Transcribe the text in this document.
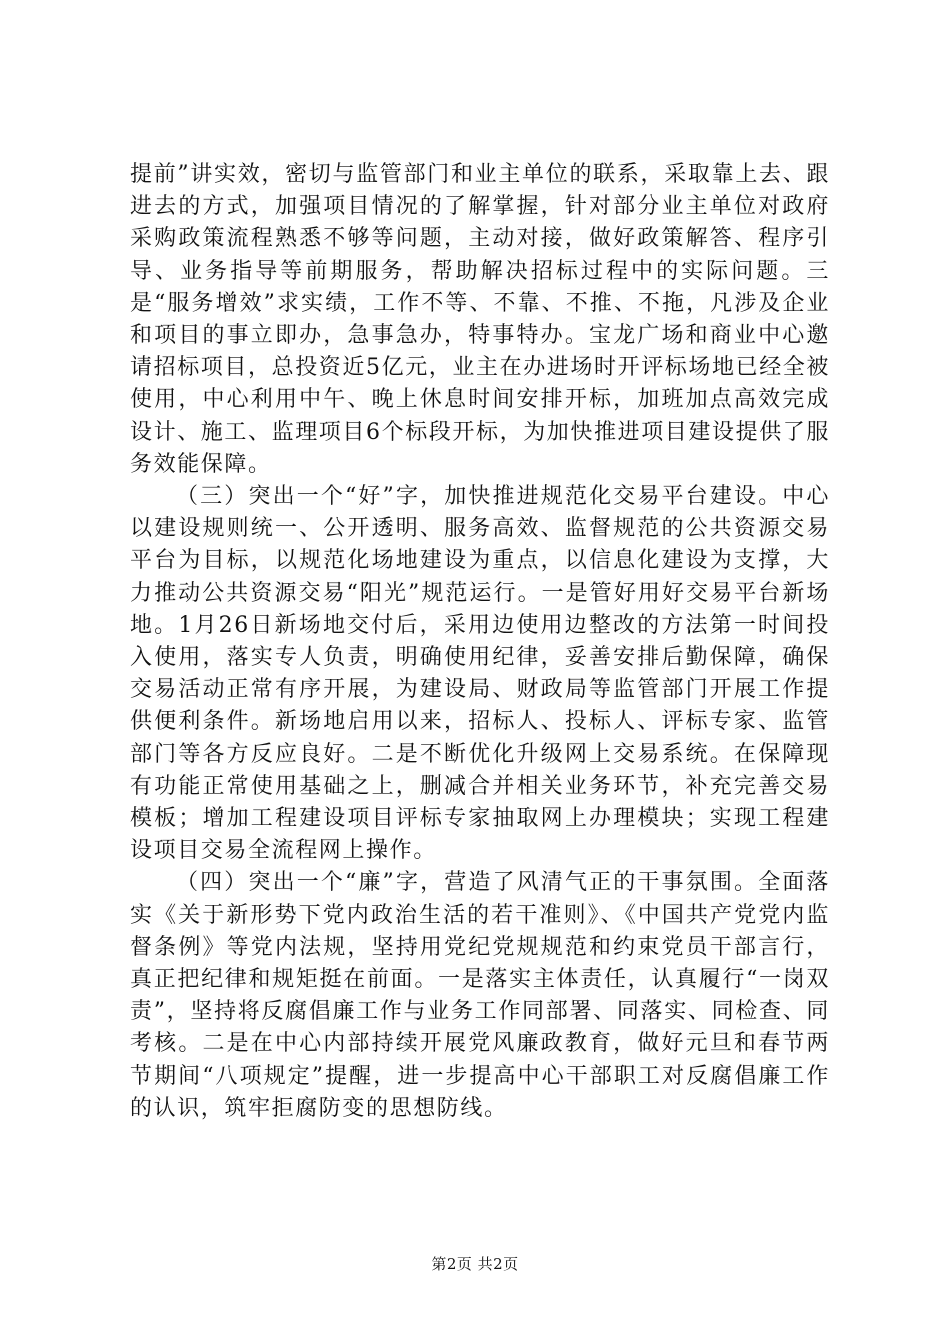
提前”讲实效，密切与监管部门和业主单位的联系，采取靠上去、跟进去的方式，加强项目情况的了解掌握，针对部分业主单位对政府采购政策流程熟悉不够等问题，主动对接，做好政策解答、程序引导、业务指导等前期服务，帮助解决招标过程中的实际问题。三是“服务增效”求实绩，工作不等、不靠、不推、不拖，凡涉及企业和项目的事立即办，急事急办，特事特办。宝龙广场和商业中心邀请招标项目，总投资近5亿元，业主在办进场时开评标场地已经全被使用，中心利用中午、晚上休息时间安排开标，加班加点高效完成设计、施工、监理项目6个标段开标，为加快推进项目建设提供了服务效能保障。

（三）突出一个“好”字，加快推进规范化交易平台建设。中心以建设规则统一、公开透明、服务高效、监督规范的公共资源交易平台为目标，以规范化场地建设为重点，以信息化建设为支撑，大力推动公共资源交易“阳光”规范运行。一是管好用好交易平台新场地。1月26日新场地交付后，采用边使用边整改的方法第一时间投入使用，落实专人负责，明确使用纪律，妥善安排后勤保障，确保交易活动正常有序开展，为建设局、财政局等监管部门开展工作提供便利条件。新场地启用以来，招标人、投标人、评标专家、监管部门等各方反应良好。二是不断优化升级网上交易系统。在保障现有功能正常使用基础之上，删减合并相关业务环节，补充完善交易模板；增加工程建设项目评标专家抽取网上办理模块；实现工程建设项目交易全流程网上操作。

（四）突出一个“廉”字，营造了风清气正的干事氛围。全面落实《关于新形势下党内政治生活的若干准则》、《中国共产党党内监督条例》等党内法规，坚持用党纪党规规范和约束党员干部言行，真正把纪律和规矩挺在前面。一是落实主体责任，认真履行“一岗双责”，坚持将反腐倡廉工作与业务工作同部署、同落实、同检查、同考核。二是在中心内部持续开展党风廉政教育，做好元旦和春节两节期间“八项规定”提醒，进一步提高中心干部职工对反腐倡廉工作的认识，筑牢拒腐防变的思想防线。

第2页 共2页
